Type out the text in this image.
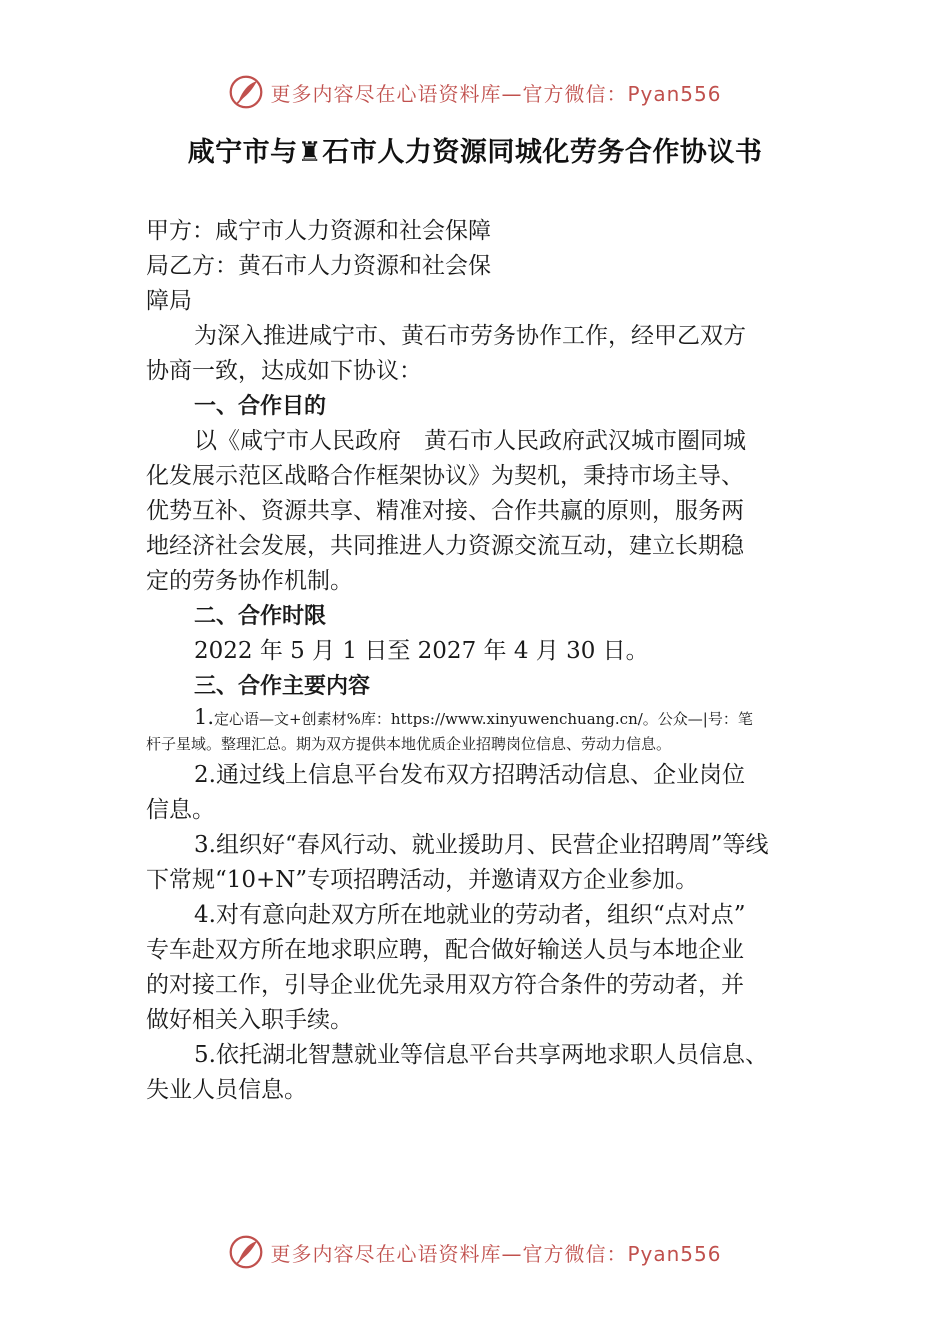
更多内容尽在心语资料库—官方微信：Pyan556
咸宁市与♜石市人力资源同城化劳务合作协议书
甲方：咸宁市人力资源和社会保障
局乙方：黄石市人力资源和社会保
障局
为深入推进咸宁市、黄石市劳务协作工作，经甲乙双方
协商一致，达成如下协议：
一、合作目的
以《咸宁市人民政府　黄石市人民政府武汉城市圈同城
化发展示范区战略合作框架协议》为契机，秉持市场主导、
优势互补、资源共享、精准对接、合作共赢的原则，服务两
地经济社会发展，共同推进人力资源交流互动，建立长期稳
定的劳务协作机制。
二、合作时限
2022 年 5 月 1 日至 2027 年 4 月 30 日。
三、合作主要内容
1.定心语—文+创素材%库：https://www.xinyuwenchuang.cn/。公众—|号：笔
杆子星域。整理汇总。期为双方提供本地优质企业招聘岗位信息、劳动力信息。
2.通过线上信息平台发布双方招聘活动信息、企业岗位
信息。
3.组织好“春风行动、就业援助月、民营企业招聘周”等线
下常规“10+N”专项招聘活动，并邀请双方企业参加。
4.对有意向赴双方所在地就业的劳动者，组织“点对点”
专车赴双方所在地求职应聘，配合做好输送人员与本地企业
的对接工作，引导企业优先录用双方符合条件的劳动者，并
做好相关入职手续。
5.依托湖北智慧就业等信息平台共享两地求职人员信息、
失业人员信息。
更多内容尽在心语资料库—官方微信：Pyan556
